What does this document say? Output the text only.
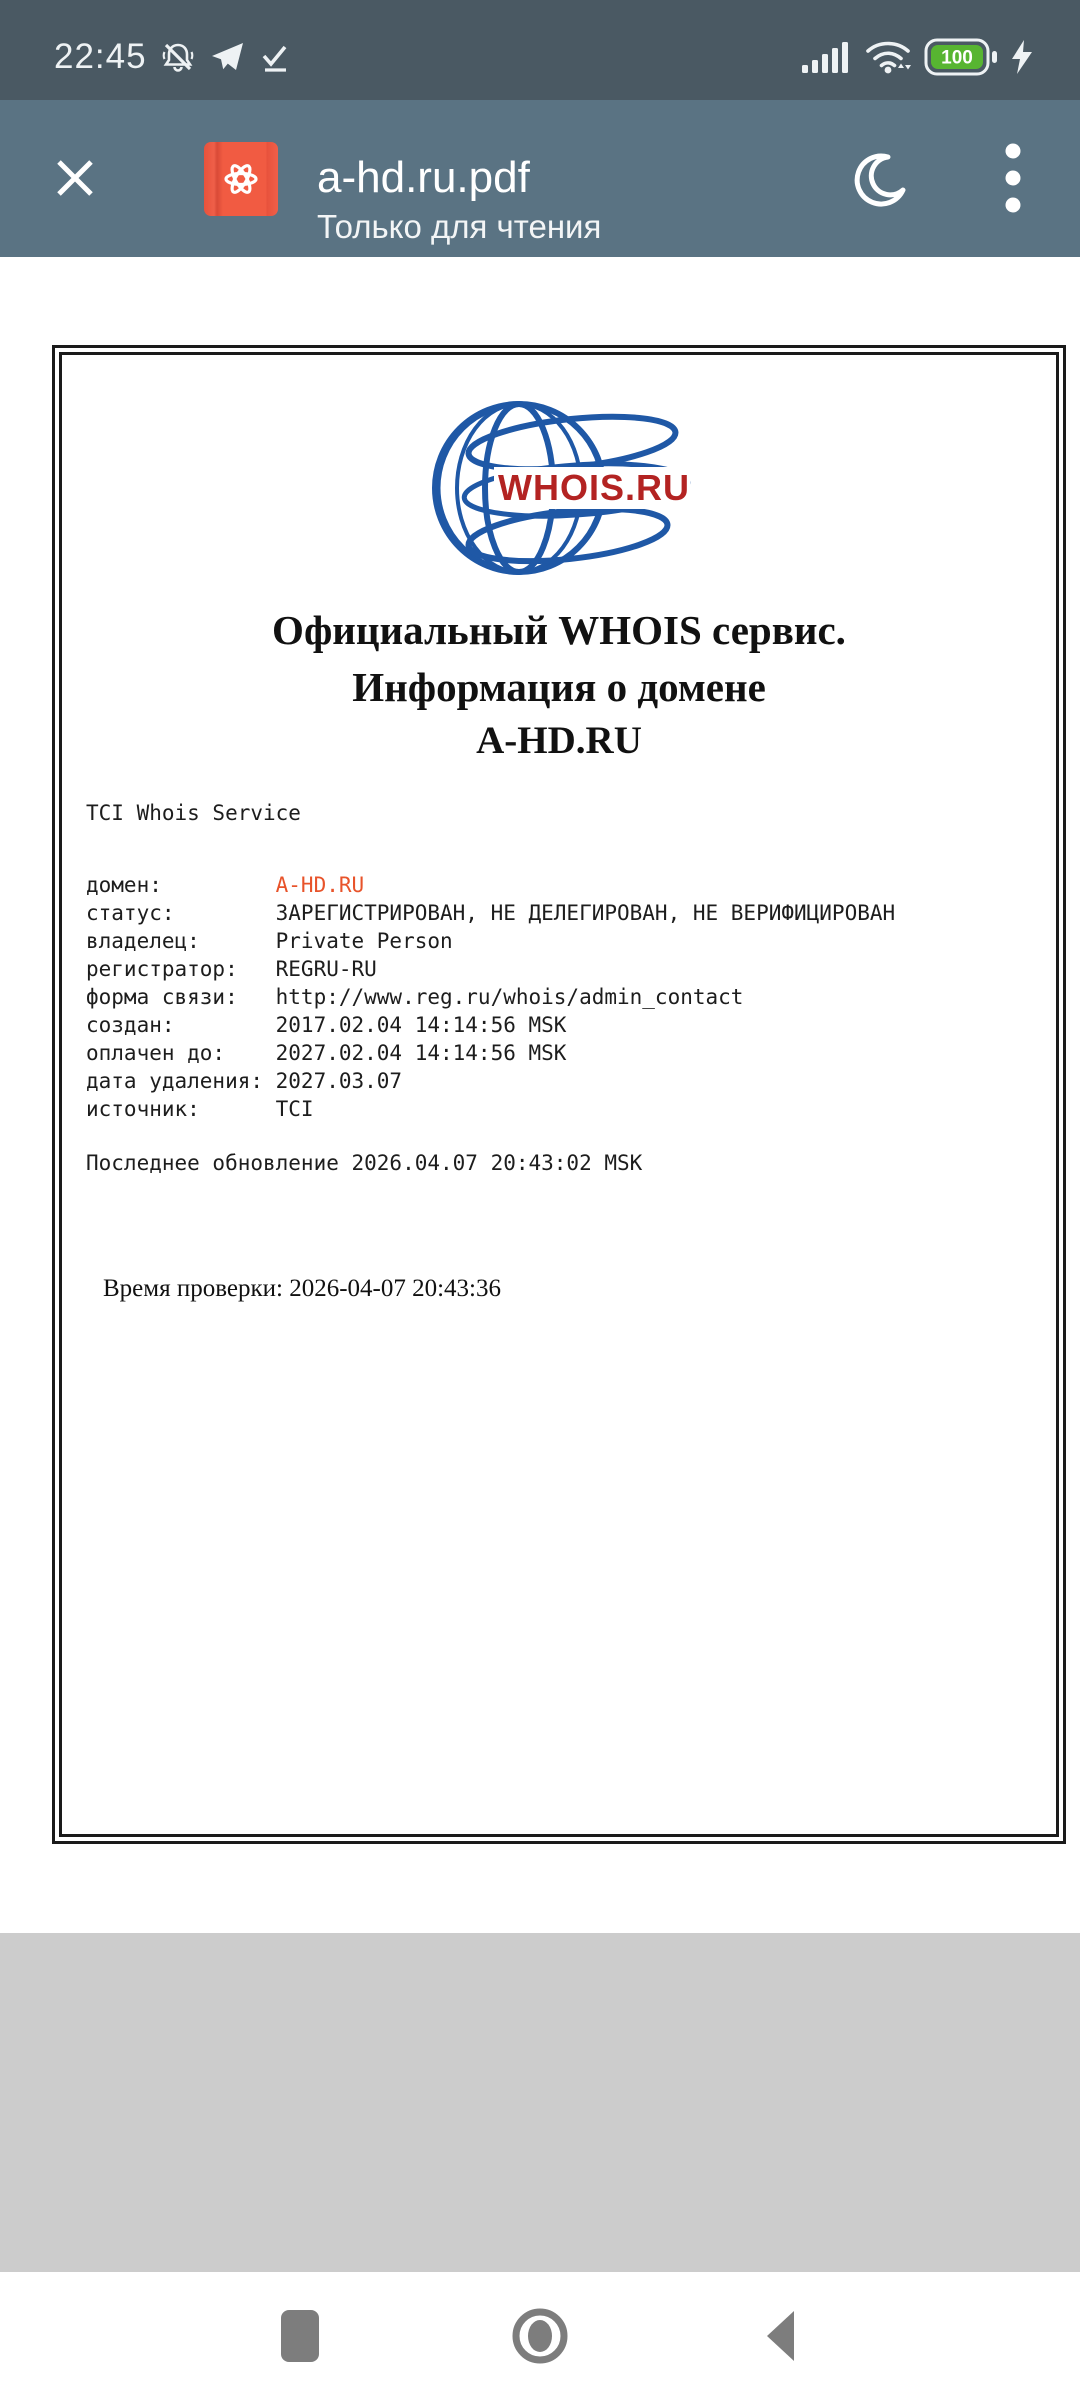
22:45	100
a-hd.ru.pdf
Только для чтения
WHOIS.RU

Официальный WHOIS сервис.

Информация о домене

A-HD.RU

TCI Whois Service
домен:	A-HD.RU
статус:	ЗАРЕГИСТРИРОВАН, НЕ ДЕЛЕГИРОВАН, НЕ ВЕРИФИЦИРОВАН
владелец:	Private Person
регистратор: REGRU-RU
форма связи: http://www.reg.ru/whois/admin_contact
создан:	2017.02.04 14:14:56 MSK
оплачен до: 2027.02.04 14:14:56 MSK
дата удаления: 2027.03.07
источник:	TCI
Последнее обновление 2026.04.07 20:43:02 MSK
Время проверки: 2026-04-07 20:43:36
